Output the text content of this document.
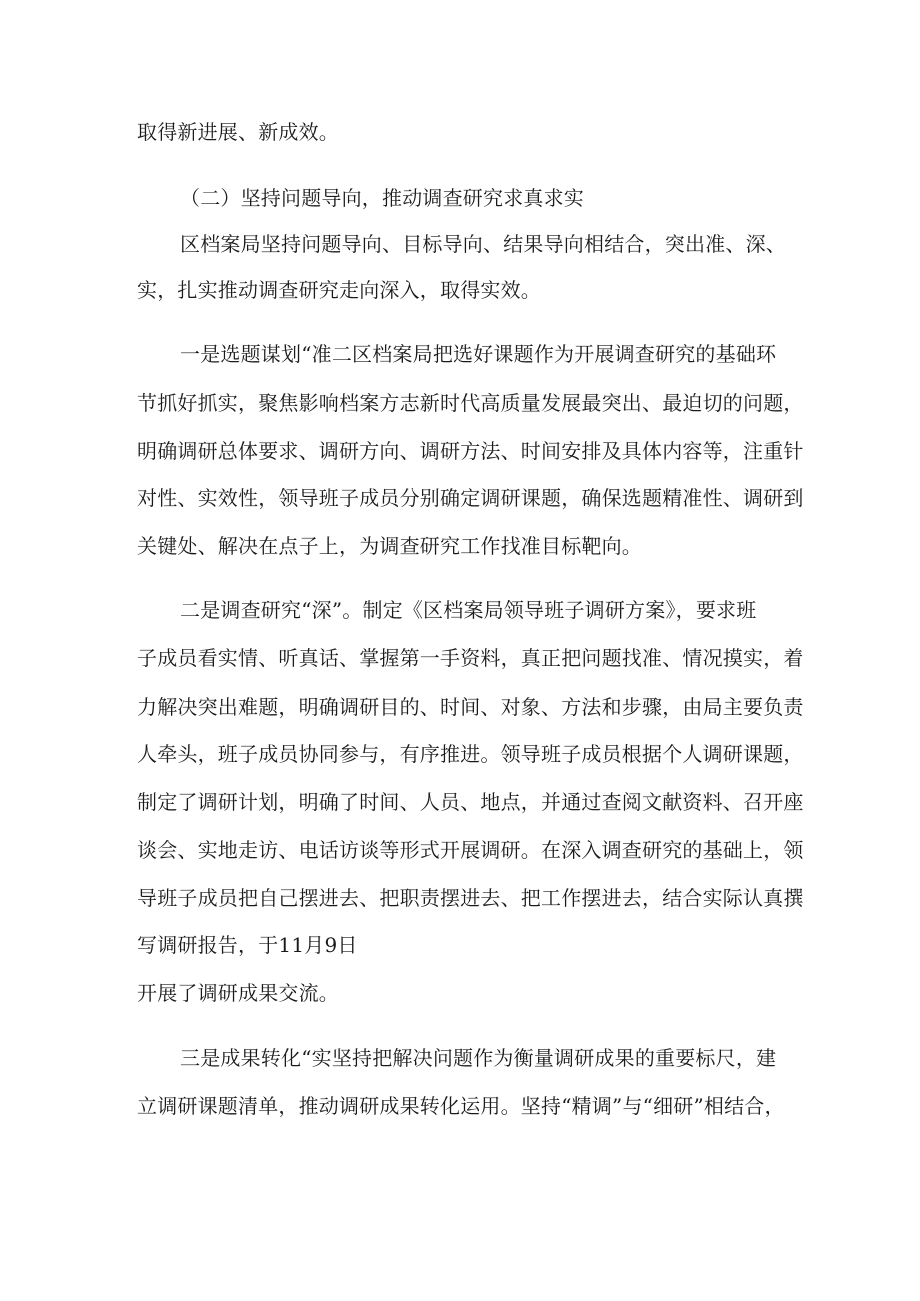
取得新进展、新成效。
（二）坚持问题导向，推动调查研究求真求实
区档案局坚持问题导向、目标导向、结果导向相结合，突出准、深、
实，扎实推动调查研究走向深入，取得实效。
一是选题谋划“准二区档案局把选好课题作为开展调查研究的基础环
节抓好抓实，聚焦影响档案方志新时代高质量发展最突出、最迫切的问题，
明确调研总体要求、调研方向、调研方法、时间安排及具体内容等，注重针
对性、实效性，领导班子成员分别确定调研课题，确保选题精准性、调研到
关键处、解决在点子上，为调查研究工作找准目标靶向。
二是调查研究“深”。制定《区档案局领导班子调研方案》，要求班
子成员看实情、听真话、掌握第一手资料，真正把问题找准、情况摸实，着
力解决突出难题，明确调研目的、时间、对象、方法和步骤，由局主要负责
人牵头，班子成员协同参与，有序推进。领导班子成员根据个人调研课题，
制定了调研计划，明确了时间、人员、地点，并通过查阅文献资料、召开座
谈会、实地走访、电话访谈等形式开展调研。在深入调查研究的基础上，领
导班子成员把自己摆进去、把职责摆进去、把工作摆进去，结合实际认真撰
写调研报告，于11月9日
开展了调研成果交流。
三是成果转化“实坚持把解决问题作为衡量调研成果的重要标尺，建
立调研课题清单，推动调研成果转化运用。坚持“精调”与“细研”相结合，
